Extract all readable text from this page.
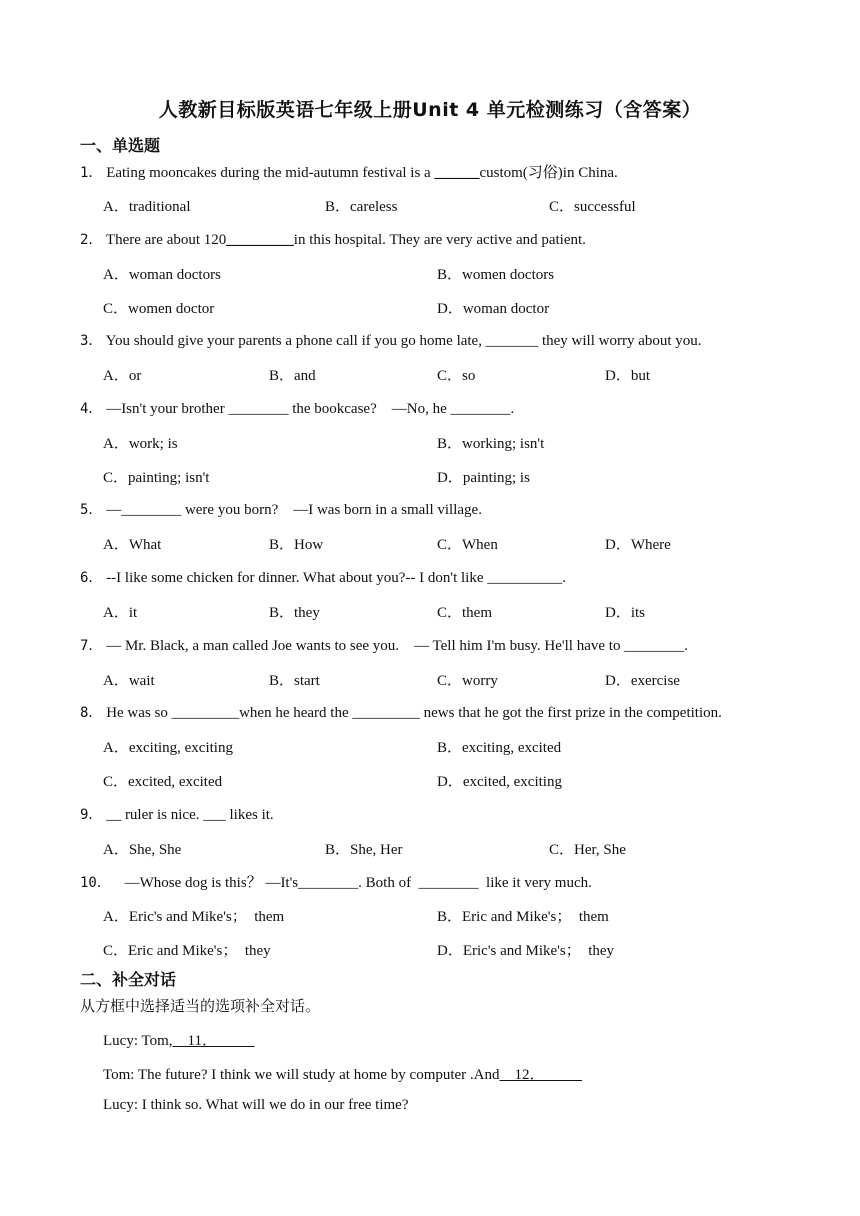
人教新目标版英语七年级上册Unit 4 单元检测练习（含答案）
一、单选题
1． Eating mooncakes during the mid-autumn festival is a ______custom(习俗)in China.
A．traditional	B．careless	C．successful
2． There are about 120_________in this hospital. They are very active and patient.
A．woman doctors	B．women doctors
C．women doctor	D．woman doctor
3． You should give your parents a phone call if you go home late, _______ they will worry about you.
A．or	B．and	C．so	D．but
4． —Isn't your brother ________ the bookcase?    —No, he ________.
A．work; is	B．working; isn't
C．painting; isn't	D．painting; is
5． —________ were you born?    —I was born in a small village.
A．What	B．How	C．When	D．Where
6． --I like some chicken for dinner. What about you?-- I don't like __________.
A．it	B．they	C．them	D．its
7． — Mr. Black, a man called Joe wants to see you.    — Tell him I'm busy. He'll have to ________.
A．wait	B．start	C．worry	D．exercise
8． He was so _________when he heard the _________ news that he got the first prize in the competition.
A．exciting, exciting	B．exciting, excited
C．excited, excited	D．excited, exciting
9． __ ruler is nice. ___ likes it.
A．She, She	B．She, Her	C．Her, She
10． —Whose dog is this？ —It's________. Both of  ________  like it very much.
A．Eric's and Mike's；  them	B．Eric and Mike's；  them
C．Eric and Mike's；  they	D．Eric's and Mike's；  they
二、补全对话
从方框中选择适当的选项补全对话。
Lucy: Tom,    11．
Tom: The future? I think we will study at home by computer .And    12．
Lucy: I think so. What will we do in our free time?
